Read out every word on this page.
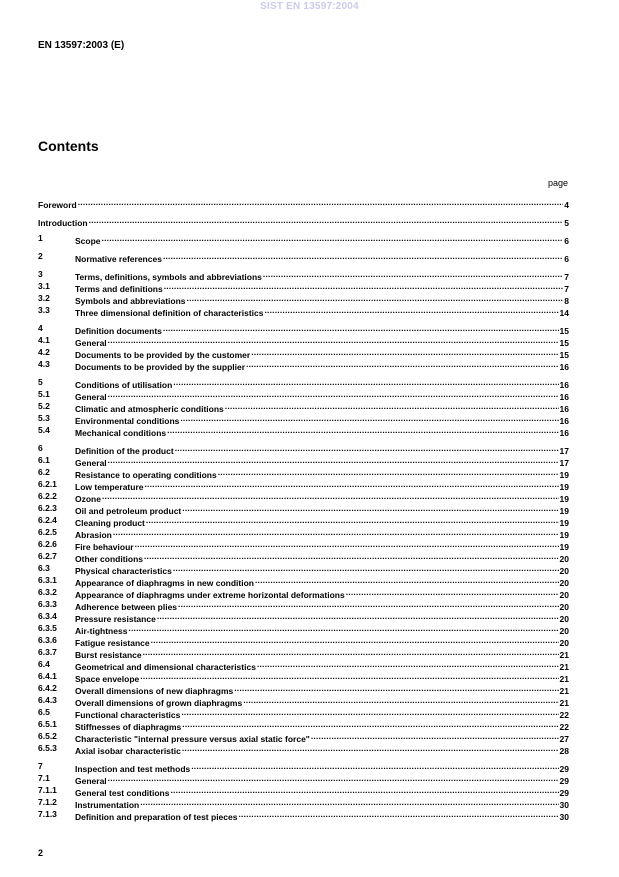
SIST EN 13597:2004
EN 13597:2003 (E)
Contents
page
Foreword .....	4
Introduction .....	5
1	Scope .....	6
2	Normative references .....	6
3	Terms, definitions, symbols and abbreviations .....	7
3.1	Terms and definitions .....	7
3.2	Symbols and abbreviations .....	8
3.3	Three dimensional definition of characteristics .....	14
4	Definition documents .....	15
4.1	General .....	15
4.2	Documents to be provided by the customer .....	15
4.3	Documents to be provided by the supplier .....	16
5	Conditions of utilisation .....	16
5.1	General .....	16
5.2	Climatic and atmospheric conditions .....	16
5.3	Environmental conditions .....	16
5.4	Mechanical conditions .....	16
6	Definition of the product .....	17
6.1	General .....	17
6.2	Resistance to operating conditions .....	19
6.2.1 Low temperature .....	19
6.2.2 Ozone .....	19
6.2.3 Oil and petroleum product .....	19
6.2.4 Cleaning product .....	19
6.2.5 Abrasion .....	19
6.2.6 Fire behaviour .....	19
6.2.7 Other conditions .....	20
6.3	Physical characteristics .....	20
6.3.1 Appearance of diaphragms in new condition .....	20
6.3.2 Appearance of diaphragms under extreme horizontal deformations .....	20
6.3.3 Adherence between plies .....	20
6.3.4 Pressure resistance .....	20
6.3.5 Air-tightness .....	20
6.3.6 Fatigue resistance .....	20
6.3.7 Burst resistance .....	21
6.4	Geometrical and dimensional characteristics .....	21
6.4.1 Space envelope .....	21
6.4.2 Overall dimensions of new diaphragms .....	21
6.4.3 Overall dimensions of grown diaphragms .....	21
6.5	Functional characteristics .....	22
6.5.1 Stiffnesses of diaphragms .....	22
6.5.2 Characteristic "internal pressure versus axial static force" .....	27
6.5.3 Axial isobar characteristic .....	28
7	Inspection and test methods .....	29
7.1	General .....	29
7.1.1 General test conditions .....	29
7.1.2 Instrumentation .....	30
7.1.3 Definition and preparation of test pieces .....	30
2
